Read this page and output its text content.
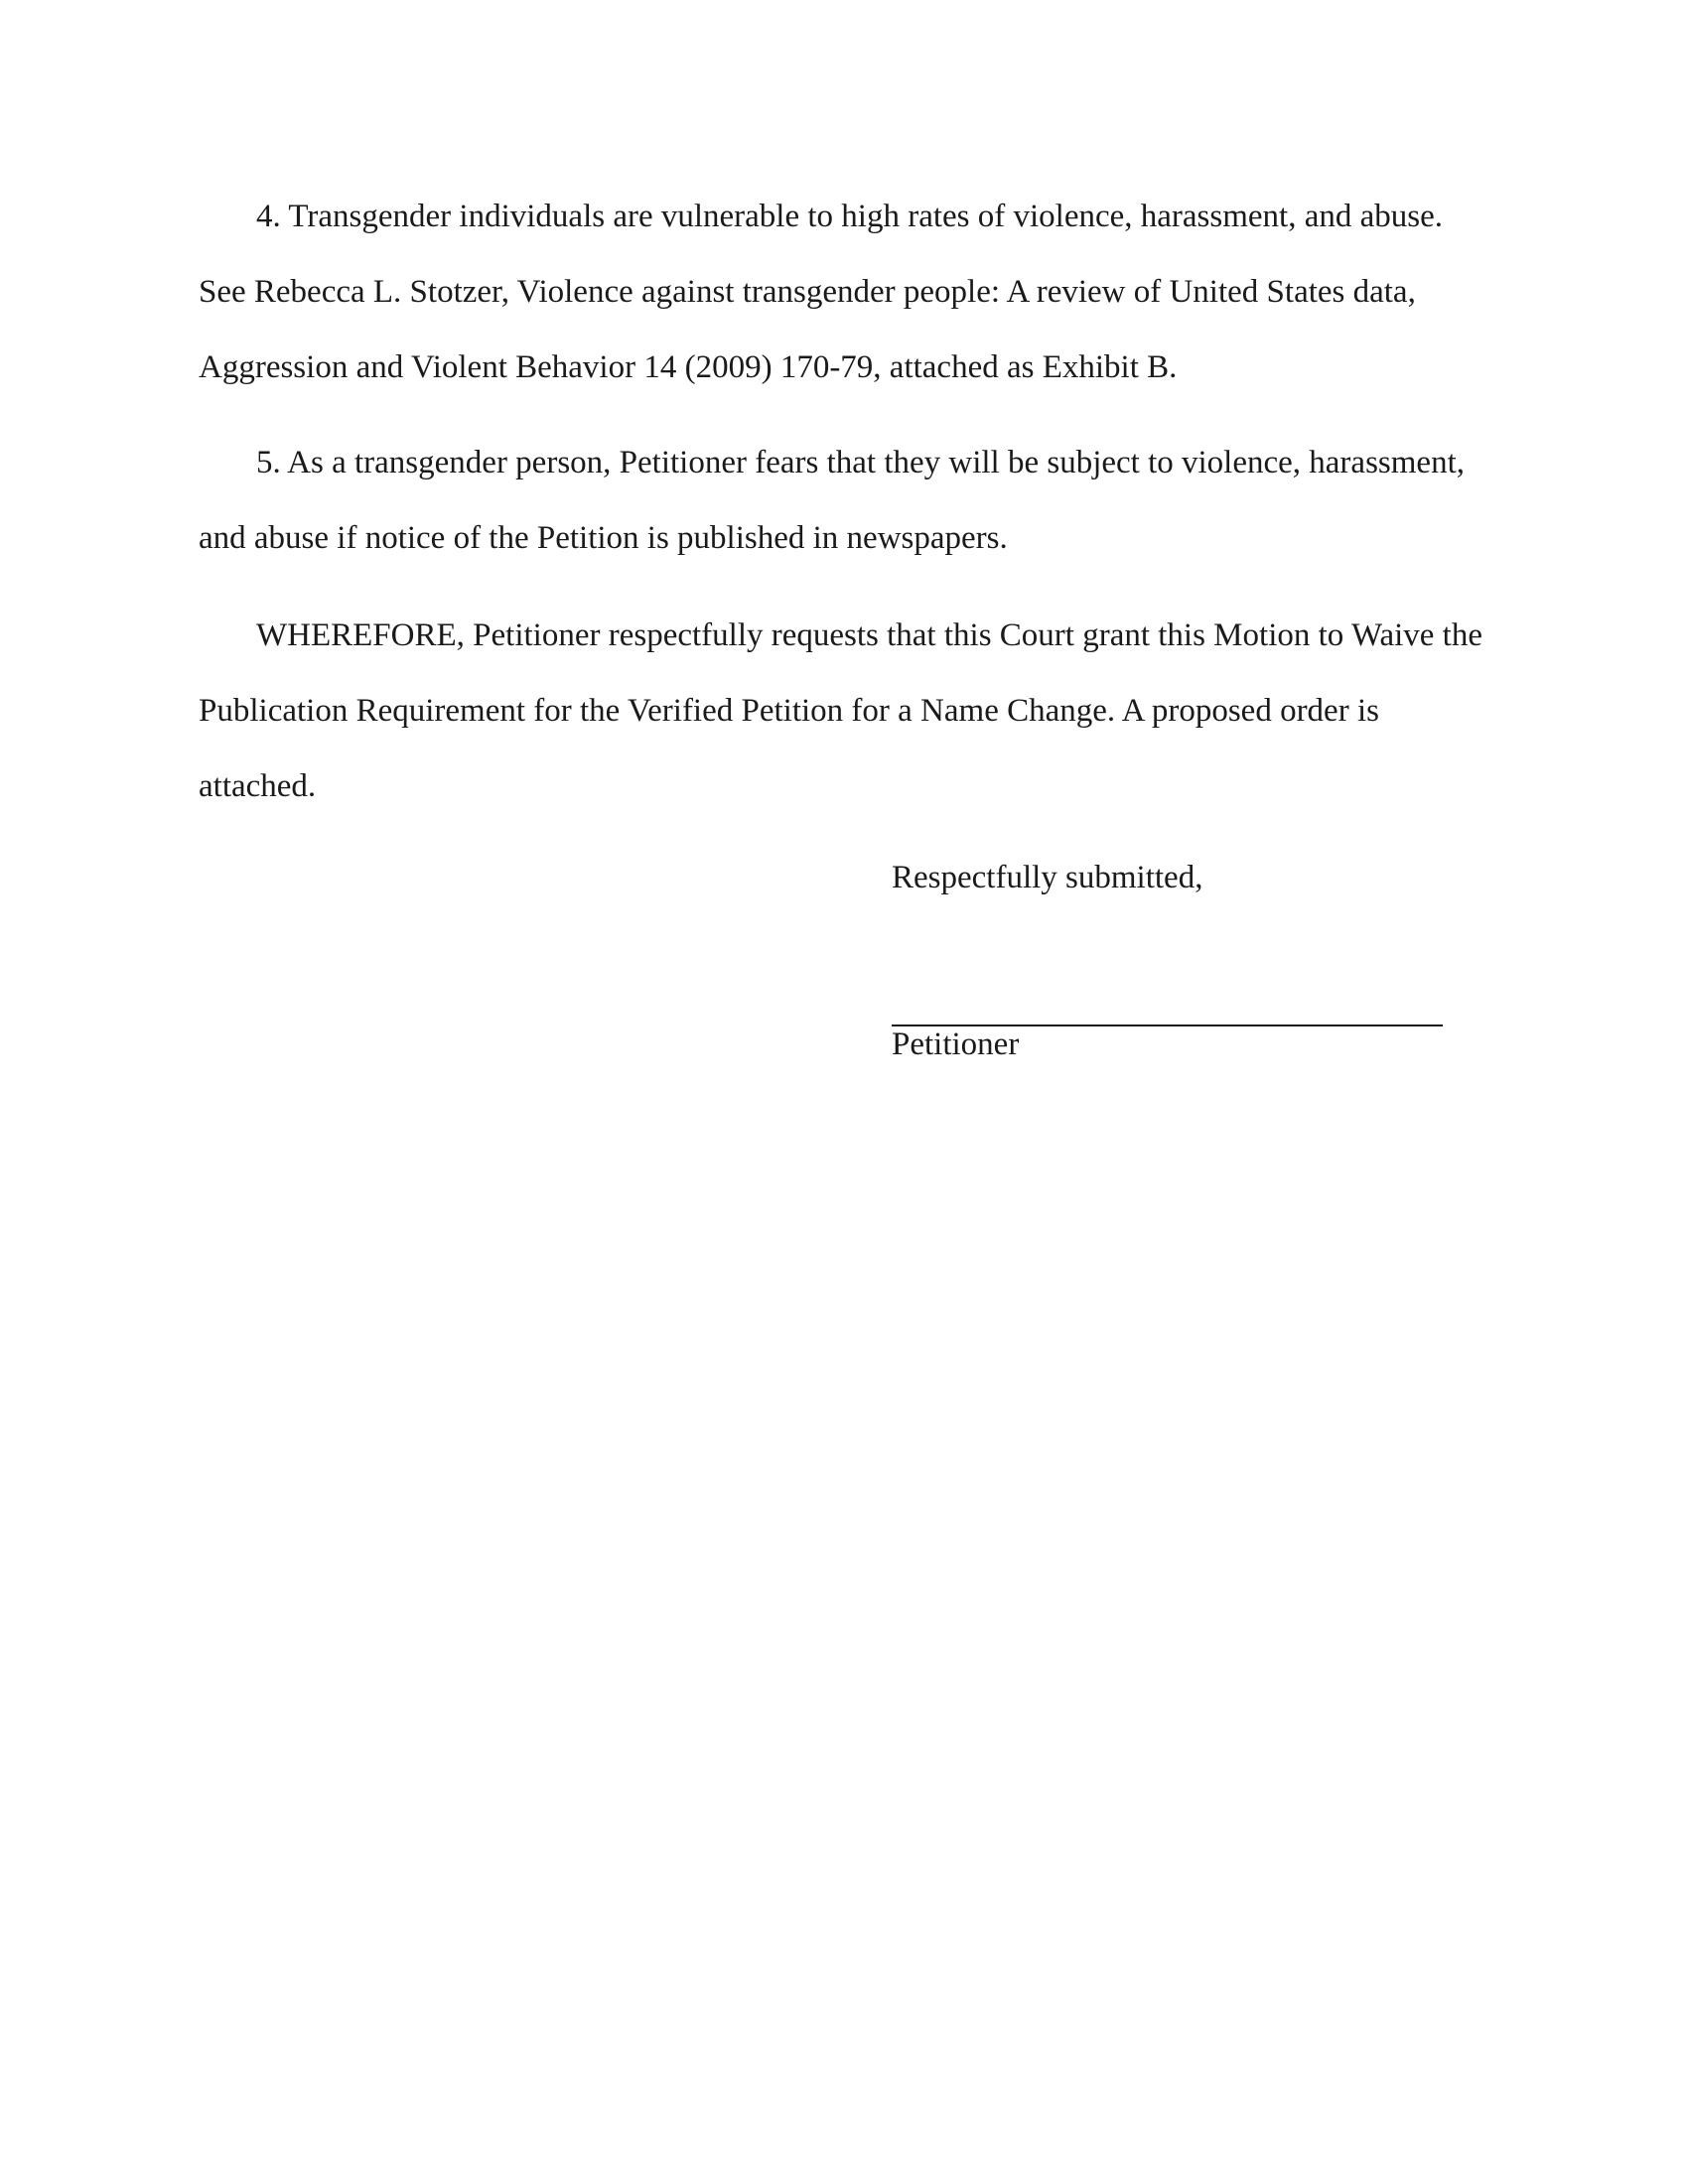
4. Transgender individuals are vulnerable to high rates of violence, harassment, and abuse. See Rebecca L. Stotzer, Violence against transgender people: A review of United States data, Aggression and Violent Behavior 14 (2009) 170-79, attached as Exhibit B.

5. As a transgender person, Petitioner fears that they will be subject to violence, harassment, and abuse if notice of the Petition is published in newspapers.

WHEREFORE, Petitioner respectfully requests that this Court grant this Motion to Waive the Publication Requirement for the Verified Petition for a Name Change. A proposed order is attached.

Respectfully submitted,

Petitioner
